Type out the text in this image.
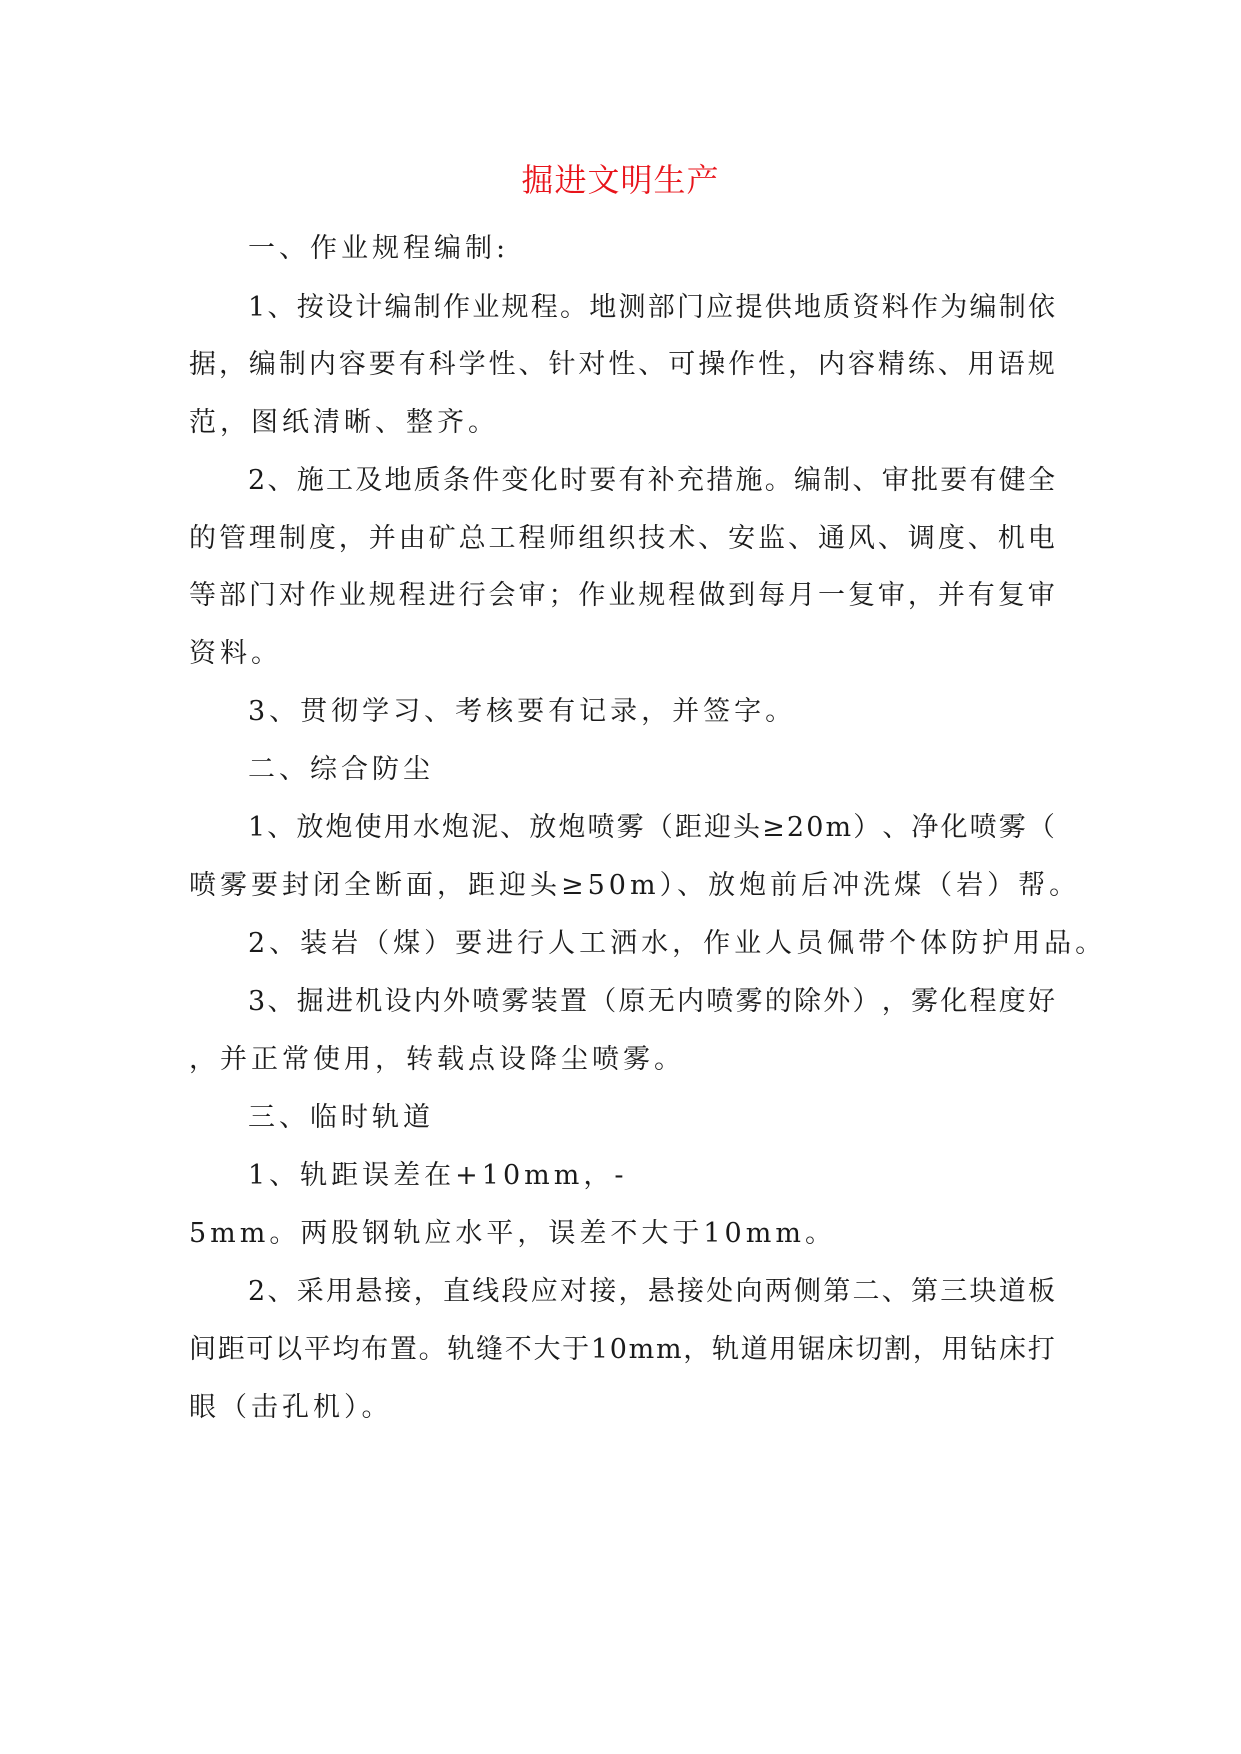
掘进文明生产
一、作业规程编制:
1 、 按 设 计 编 制 作 业 规 程 。 地 测 部 门 应 提 供 地 质 资 料 作 为 编 制 依
据 ， 编 制 内 容 要 有 科 学 性 、 针 对 性 、 可 操 作 性 ， 内 容 精 练 、 用 语 规
范，图纸清晰、整齐。
2 、 施 工 及 地 质 条 件 变 化 时 要 有 补 充 措 施 。 编 制 、 审 批 要 有 健 全
的 管 理 制 度 ， 并 由 矿 总 工 程 师 组 织 技 术 、 安 监 、 通 风 、 调 度 、 机 电
等 部 门 对 作 业 规 程 进 行 会 审 ； 作 业 规 程 做 到 每 月 一 复 审 ， 并 有 复 审
资料。
3、贯彻学习、考核要有记录，并签字。
二、综合防尘
1 、 放 炮 使 用 水 炮 泥 、 放 炮 喷 雾 （ 距 迎 头 ≥ 2 0 m ） 、 净 化 喷 雾 （
喷雾要封闭全断面，距迎头≥50m）、放炮前后冲洗煤（岩）帮。
2、装岩（煤）要进行人工洒水，作业人员佩带个体防护用品。
3 、 掘 进 机 设 内 外 喷 雾 装 置 （ 原 无 内 喷 雾 的 除 外 ） ， 雾 化 程 度 好
，并正常使用，转载点设降尘喷雾。
三、临时轨道
1、轨距误差在+10mm，-
5mm。两股钢轨应水平，误差不大于10mm。
2 、 采 用 悬 接 ， 直 线 段 应 对 接 ， 悬 接 处 向 两 侧 第 二 、 第 三 块 道 板
间 距 可 以 平 均 布 置 。 轨 缝 不 大 于 1 0 m m ， 轨 道 用 锯 床 切 割 ， 用 钻 床 打
眼（击孔机）。
